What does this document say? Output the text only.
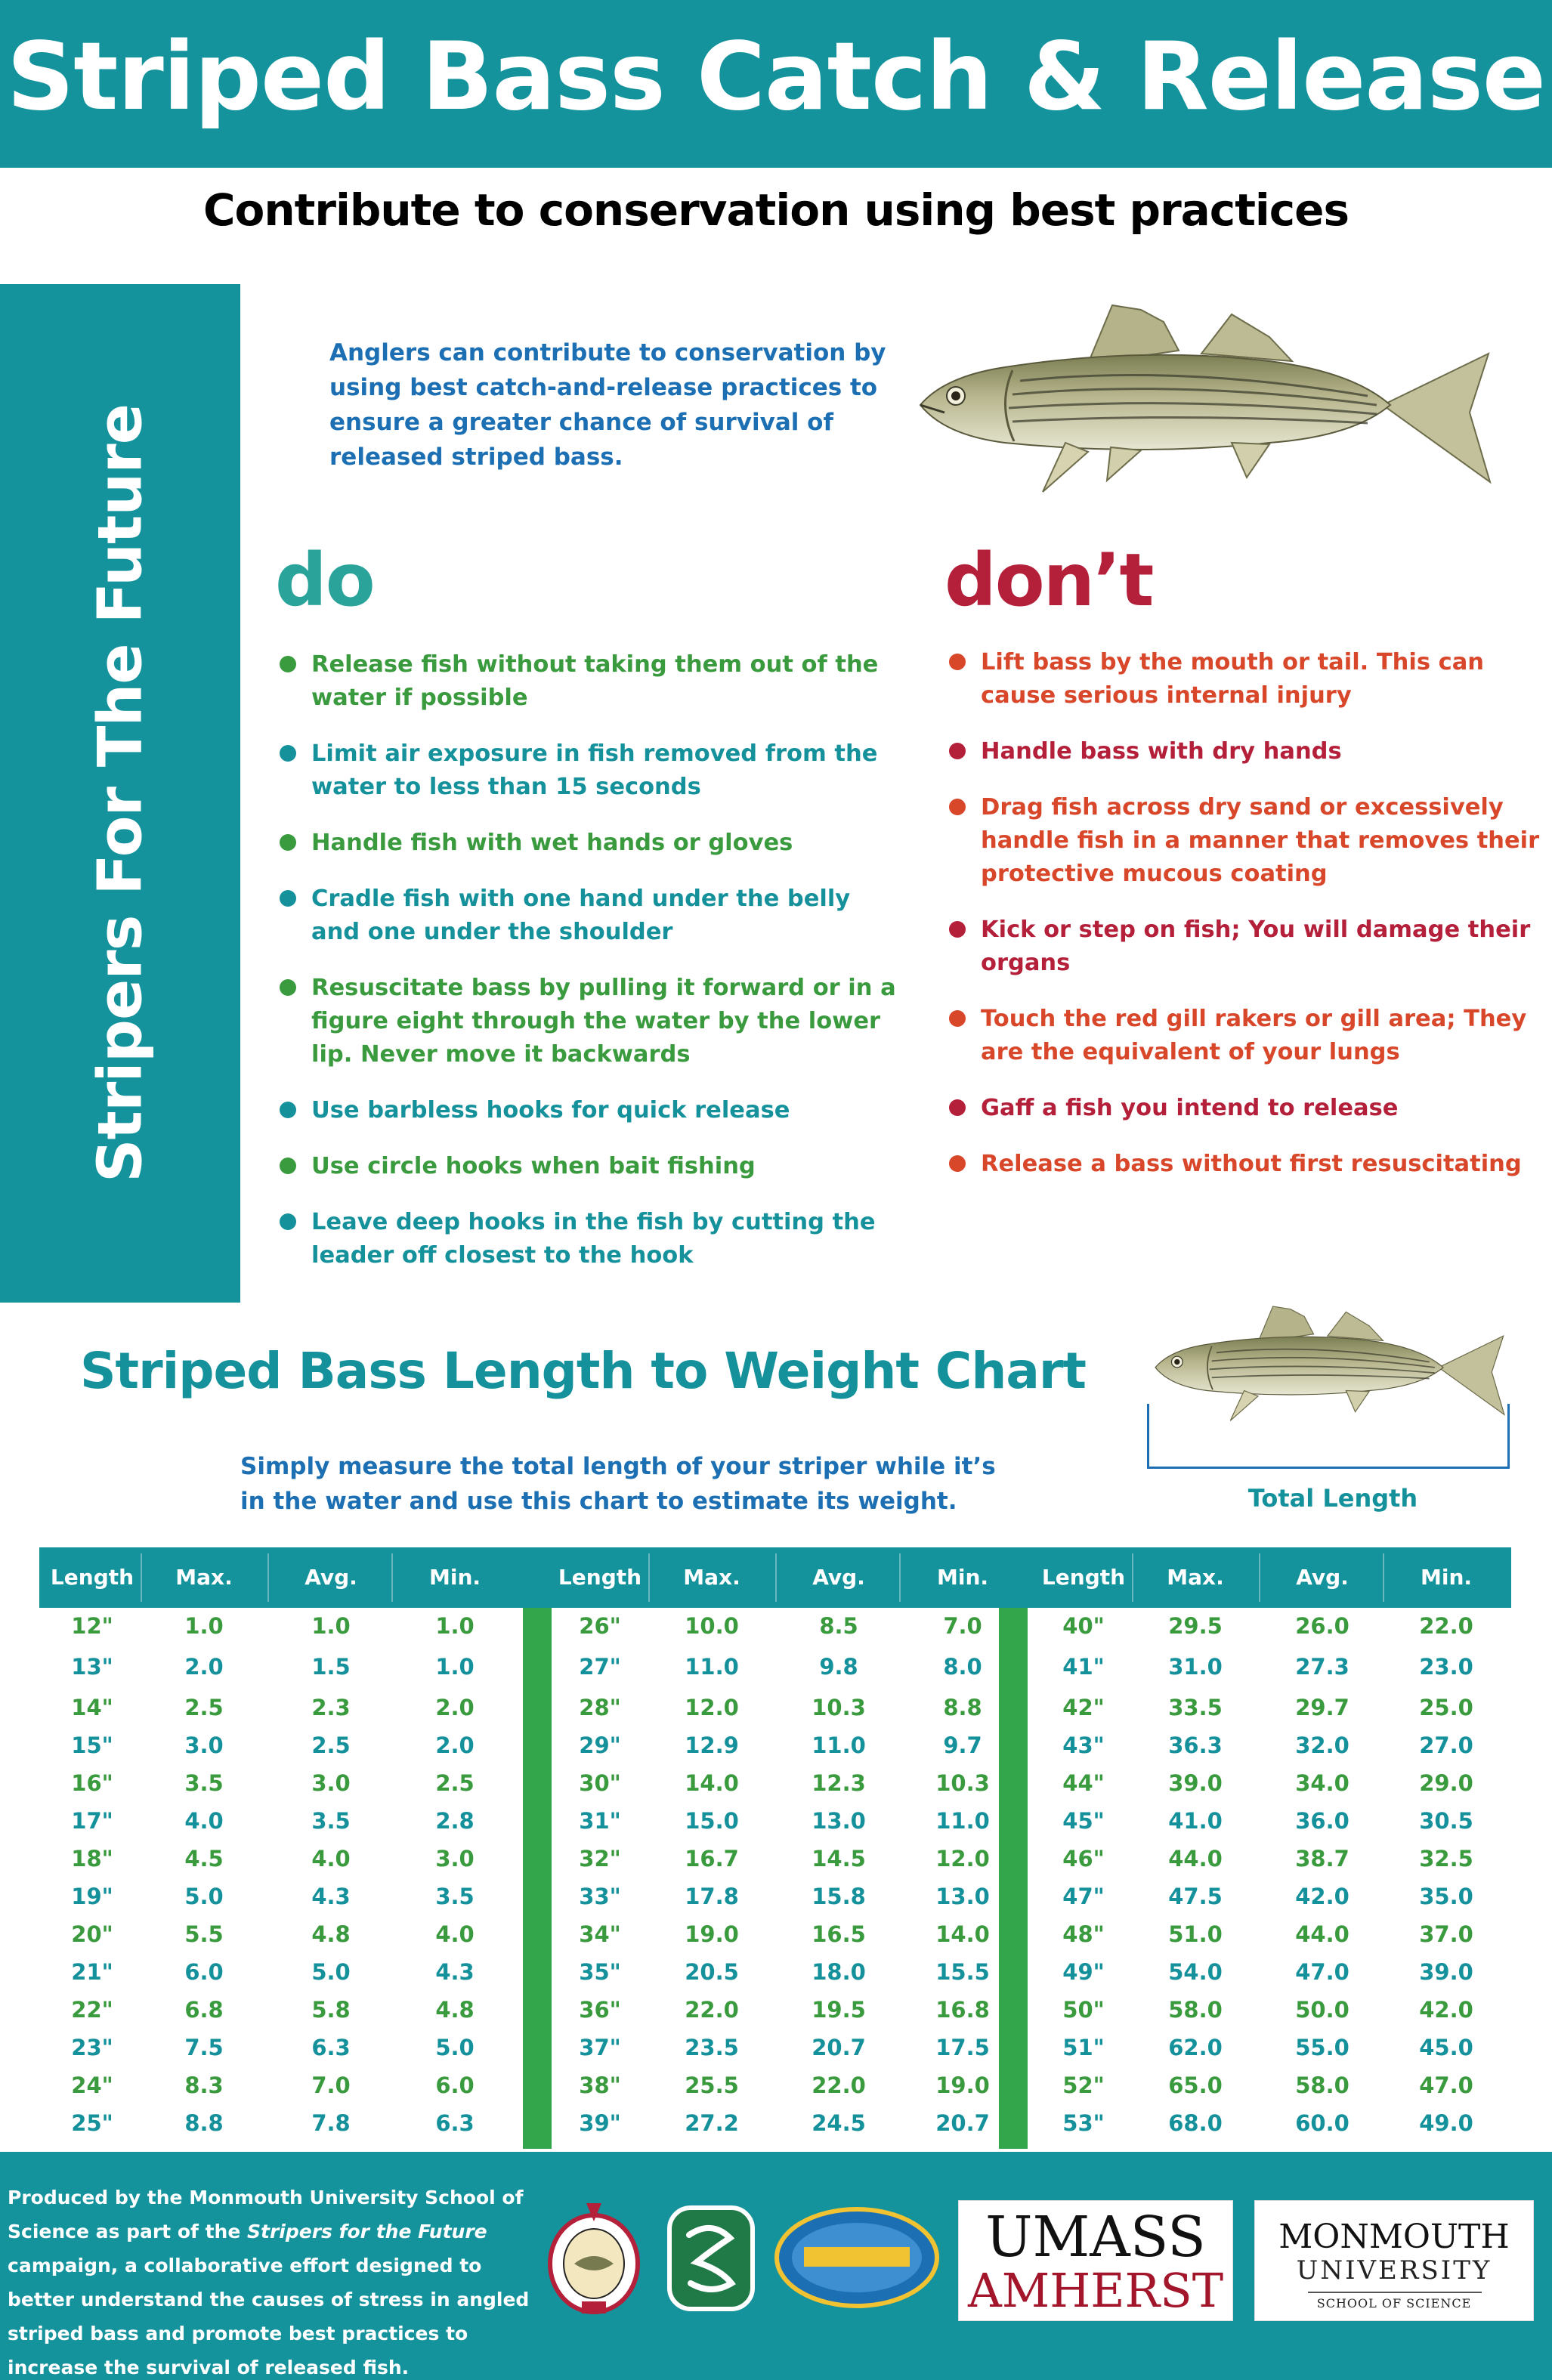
Striped Bass Catch & Release
Contribute to conservation using best practices
Stripers For The Future

Anglers can contribute to conservation by using best catch-and-release practices to ensure a greater chance of survival of released striped bass.

do
Release fish without taking them out of the water if possible
Limit air exposure in fish removed from the water to less than 15 seconds
Handle fish with wet hands or gloves
Cradle fish with one hand under the belly and one under the shoulder
Resuscitate bass by pulling it forward or in a figure eight through the water by the lower lip. Never move it backwards
Use barbless hooks for quick release
Use circle hooks when bait fishing
Leave deep hooks in the fish by cutting the leader off closest to the hook
don’t
Lift bass by the mouth or tail. This can cause serious internal injury
Handle bass with dry hands
Drag fish across dry sand or excessively handle fish in a manner that removes their protective mucous coating
Kick or step on fish; You will damage their organs
Touch the red gill rakers or gill area; They are the equivalent of your lungs
Gaff a fish you intend to release
Release a bass without first resuscitating
Striped Bass Length to Weight Chart

Simply measure the total length of your striper while it’s in the water and use this chart to estimate its weight.	Total Length
Length	Max.	Avg.	Min.	Length	Max.	Avg.	Min.	Length	Max.	Avg.	Min.
12"	1.0	1.0	1.0
13"	2.0	1.5	1.0
14"	2.5	2.3	2.0
15"	3.0	2.5	2.0
16"	3.5	3.0	2.5
17"	4.0	3.5	2.8
18"	4.5	4.0	3.0
19"	5.0	4.3	3.5
20"	5.5	4.8	4.0
21"	6.0	5.0	4.3
22"	6.8	5.8	4.8
23"	7.5	6.3	5.0
24"	8.3	7.0	6.0
25"	8.8	7.8	6.3
26"	10.0	8.5	7.0
27"	11.0	9.8	8.0
28"	12.0	10.3	8.8
29"	12.9	11.0	9.7
30"	14.0	12.3	10.3
31"	15.0	13.0	11.0
32"	16.7	14.5	12.0
33"	17.8	15.8	13.0
34"	19.0	16.5	14.0
35"	20.5	18.0	15.5
36"	22.0	19.5	16.8
37"	23.5	20.7	17.5
38"	25.5	22.0	19.0
39"	27.2	24.5	20.7
40"	29.5	26.0	22.0
41"	31.0	27.3	23.0
42"	33.5	29.7	25.0
43"	36.3	32.0	27.0
44"	39.0	34.0	29.0
45"	41.0	36.0	30.5
46"	44.0	38.7	32.5
47"	47.5	42.0	35.0
48"	51.0	44.0	37.0
49"	54.0	47.0	39.0
50"	58.0	50.0	42.0
51"	62.0	55.0	45.0
52"	65.0	58.0	47.0
53"	68.0	60.0	49.0

Produced by the Monmouth University School of Science as part of the Stripers for the Future campaign, a collaborative effort designed to better understand the causes of stress in angled striped bass and promote best practices to increase the survival of released fish.

UMASS
AMHERST
MONMOUTH
UNIVERSITY
SCHOOL OF SCIENCE
